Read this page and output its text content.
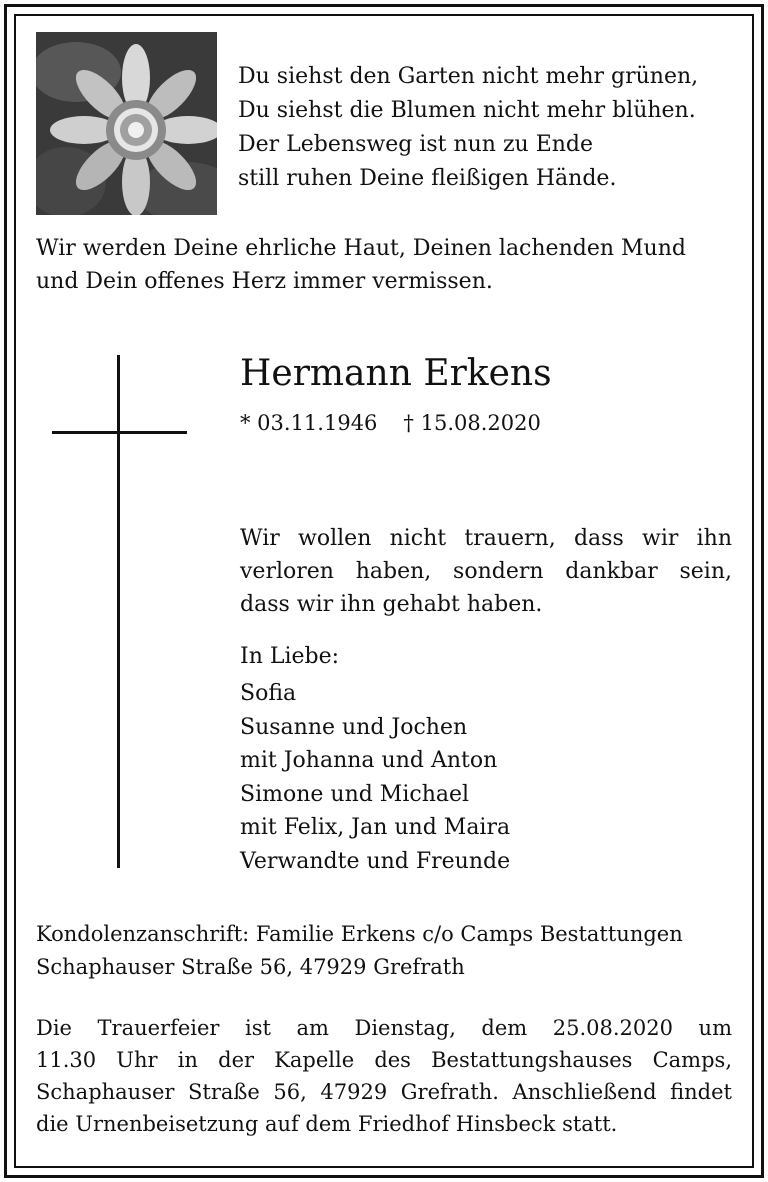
Du siehst den Garten nicht mehr grünen,
Du siehst die Blumen nicht mehr blühen.
Der Lebensweg ist nun zu Ende
still ruhen Deine fleißigen Hände.
Wir werden Deine ehrliche Haut, Deinen lachenden Mund
und Dein offenes Herz immer vermissen.
Hermann Erkens
* 03.11.1946 † 15.08.2020
Wir wollen nicht trauern, dass wir ihn
verloren haben, sondern dankbar sein,
dass wir ihn gehabt haben.
In Liebe:
Sofia
Susanne und Jochen
mit Johanna und Anton
Simone und Michael
mit Felix, Jan und Maira
Verwandte und Freunde
Kondolenzanschrift: Familie Erkens c/o Camps Bestattungen
Schaphauser Straße 56, 47929 Grefrath
Die Trauerfeier ist am Dienstag, dem 25.08.2020 um
11.30 Uhr in der Kapelle des Bestattungshauses Camps,
Schaphauser Straße 56, 47929 Grefrath. Anschließend findet
die Urnenbeisetzung auf dem Friedhof Hinsbeck statt.
